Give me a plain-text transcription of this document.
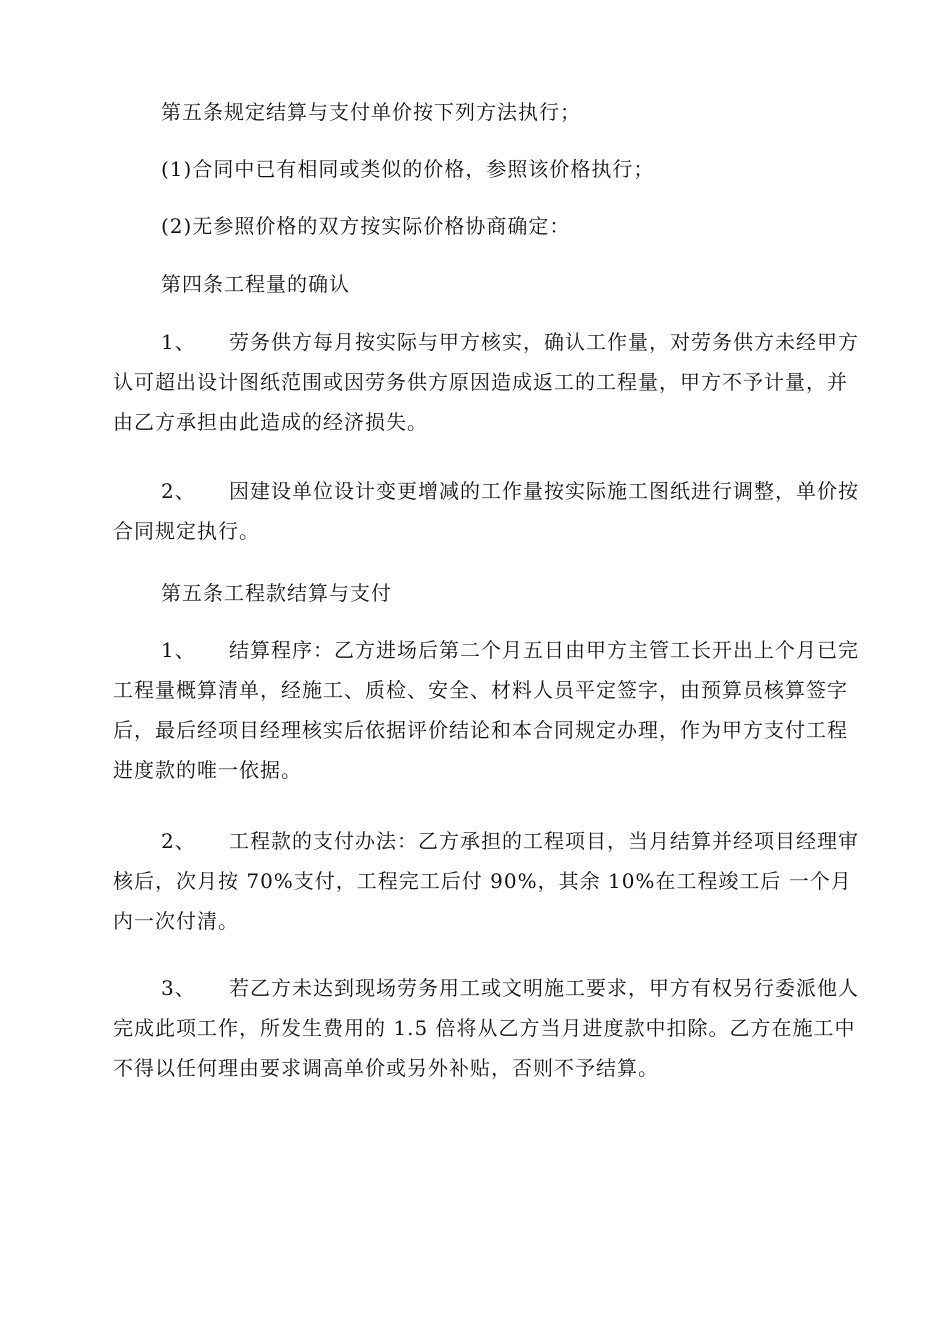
第五条规定结算与支付单价按下列方法执行；

(1)合同中已有相同或类似的价格，参照该价格执行；

(2)无参照价格的双方按实际价格协商确定：

第四条工程量的确认

1、 劳务供方每月按实际与甲方核实，确认工作量，对劳务供方未经甲方认可超出设计图纸范围或因劳务供方原因造成返工的工程量，甲方不予计量，并由乙方承担由此造成的经济损失。

2、 因建设单位设计变更增减的工作量按实际施工图纸进行调整，单价按合同规定执行。

第五条工程款结算与支付

1、 结算程序：乙方进场后第二个月五日由甲方主管工长开出上个月已完工程量概算清单，经施工、质检、安全、材料人员平定签字，由预算员核算签字后，最后经项目经理核实后依据评价结论和本合同规定办理，作为甲方支付工程进度款的唯一依据。

2、 工程款的支付办法：乙方承担的工程项目，当月结算并经项目经理审核后，次月按 70%支付，工程完工后付 90%，其余 10%在工程竣工后 一个月内一次付清。

3、 若乙方未达到现场劳务用工或文明施工要求，甲方有权另行委派他人完成此项工作，所发生费用的 1.5 倍将从乙方当月进度款中扣除。乙方在施工中不得以任何理由要求调高单价或另外补贴，否则不予结算。
